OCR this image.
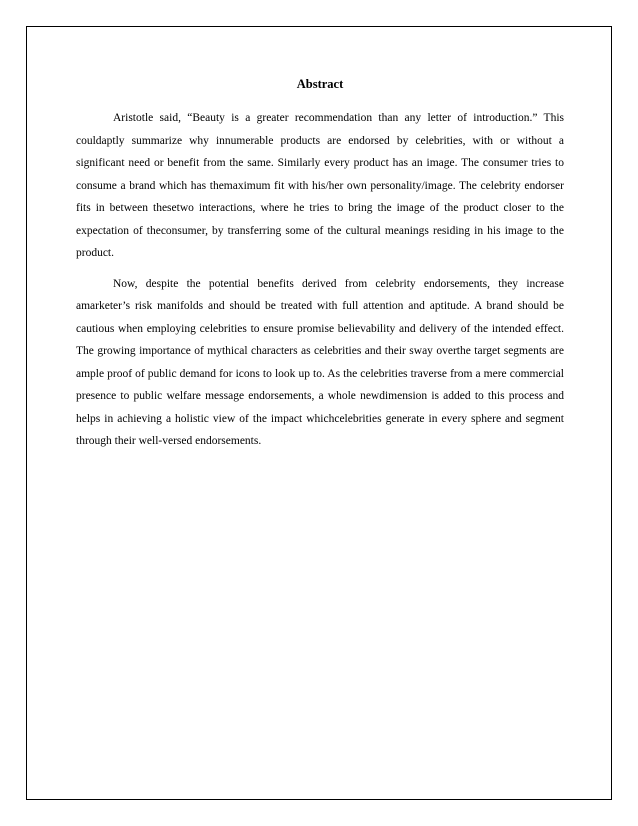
Abstract

Aristotle said, “Beauty is a greater recommendation than any letter of introduction.” This couldaptly summarize why innumerable products are endorsed by celebrities, with or without a significant need or benefit from the same. Similarly every product has an image. The consumer tries to consume a brand which has themaximum fit with his/her own personality/image. The celebrity endorser fits in between thesetwo interactions, where he tries to bring the image of the product closer to the expectation of theconsumer, by transferring some of the cultural meanings residing in his image to the product.

Now, despite the potential benefits derived from celebrity endorsements, they increase amarketer’s risk manifolds and should be treated with full attention and aptitude. A brand should be cautious when employing celebrities to ensure promise believability and delivery of the intended effect. The growing importance of mythical characters as celebrities and their sway overthe target segments are ample proof of public demand for icons to look up to. As the celebrities traverse from a mere commercial presence to public welfare message endorsements, a whole newdimension is added to this process and helps in achieving a holistic view of the impact whichcelebrities generate in every sphere and segment through their well-versed endorsements.
